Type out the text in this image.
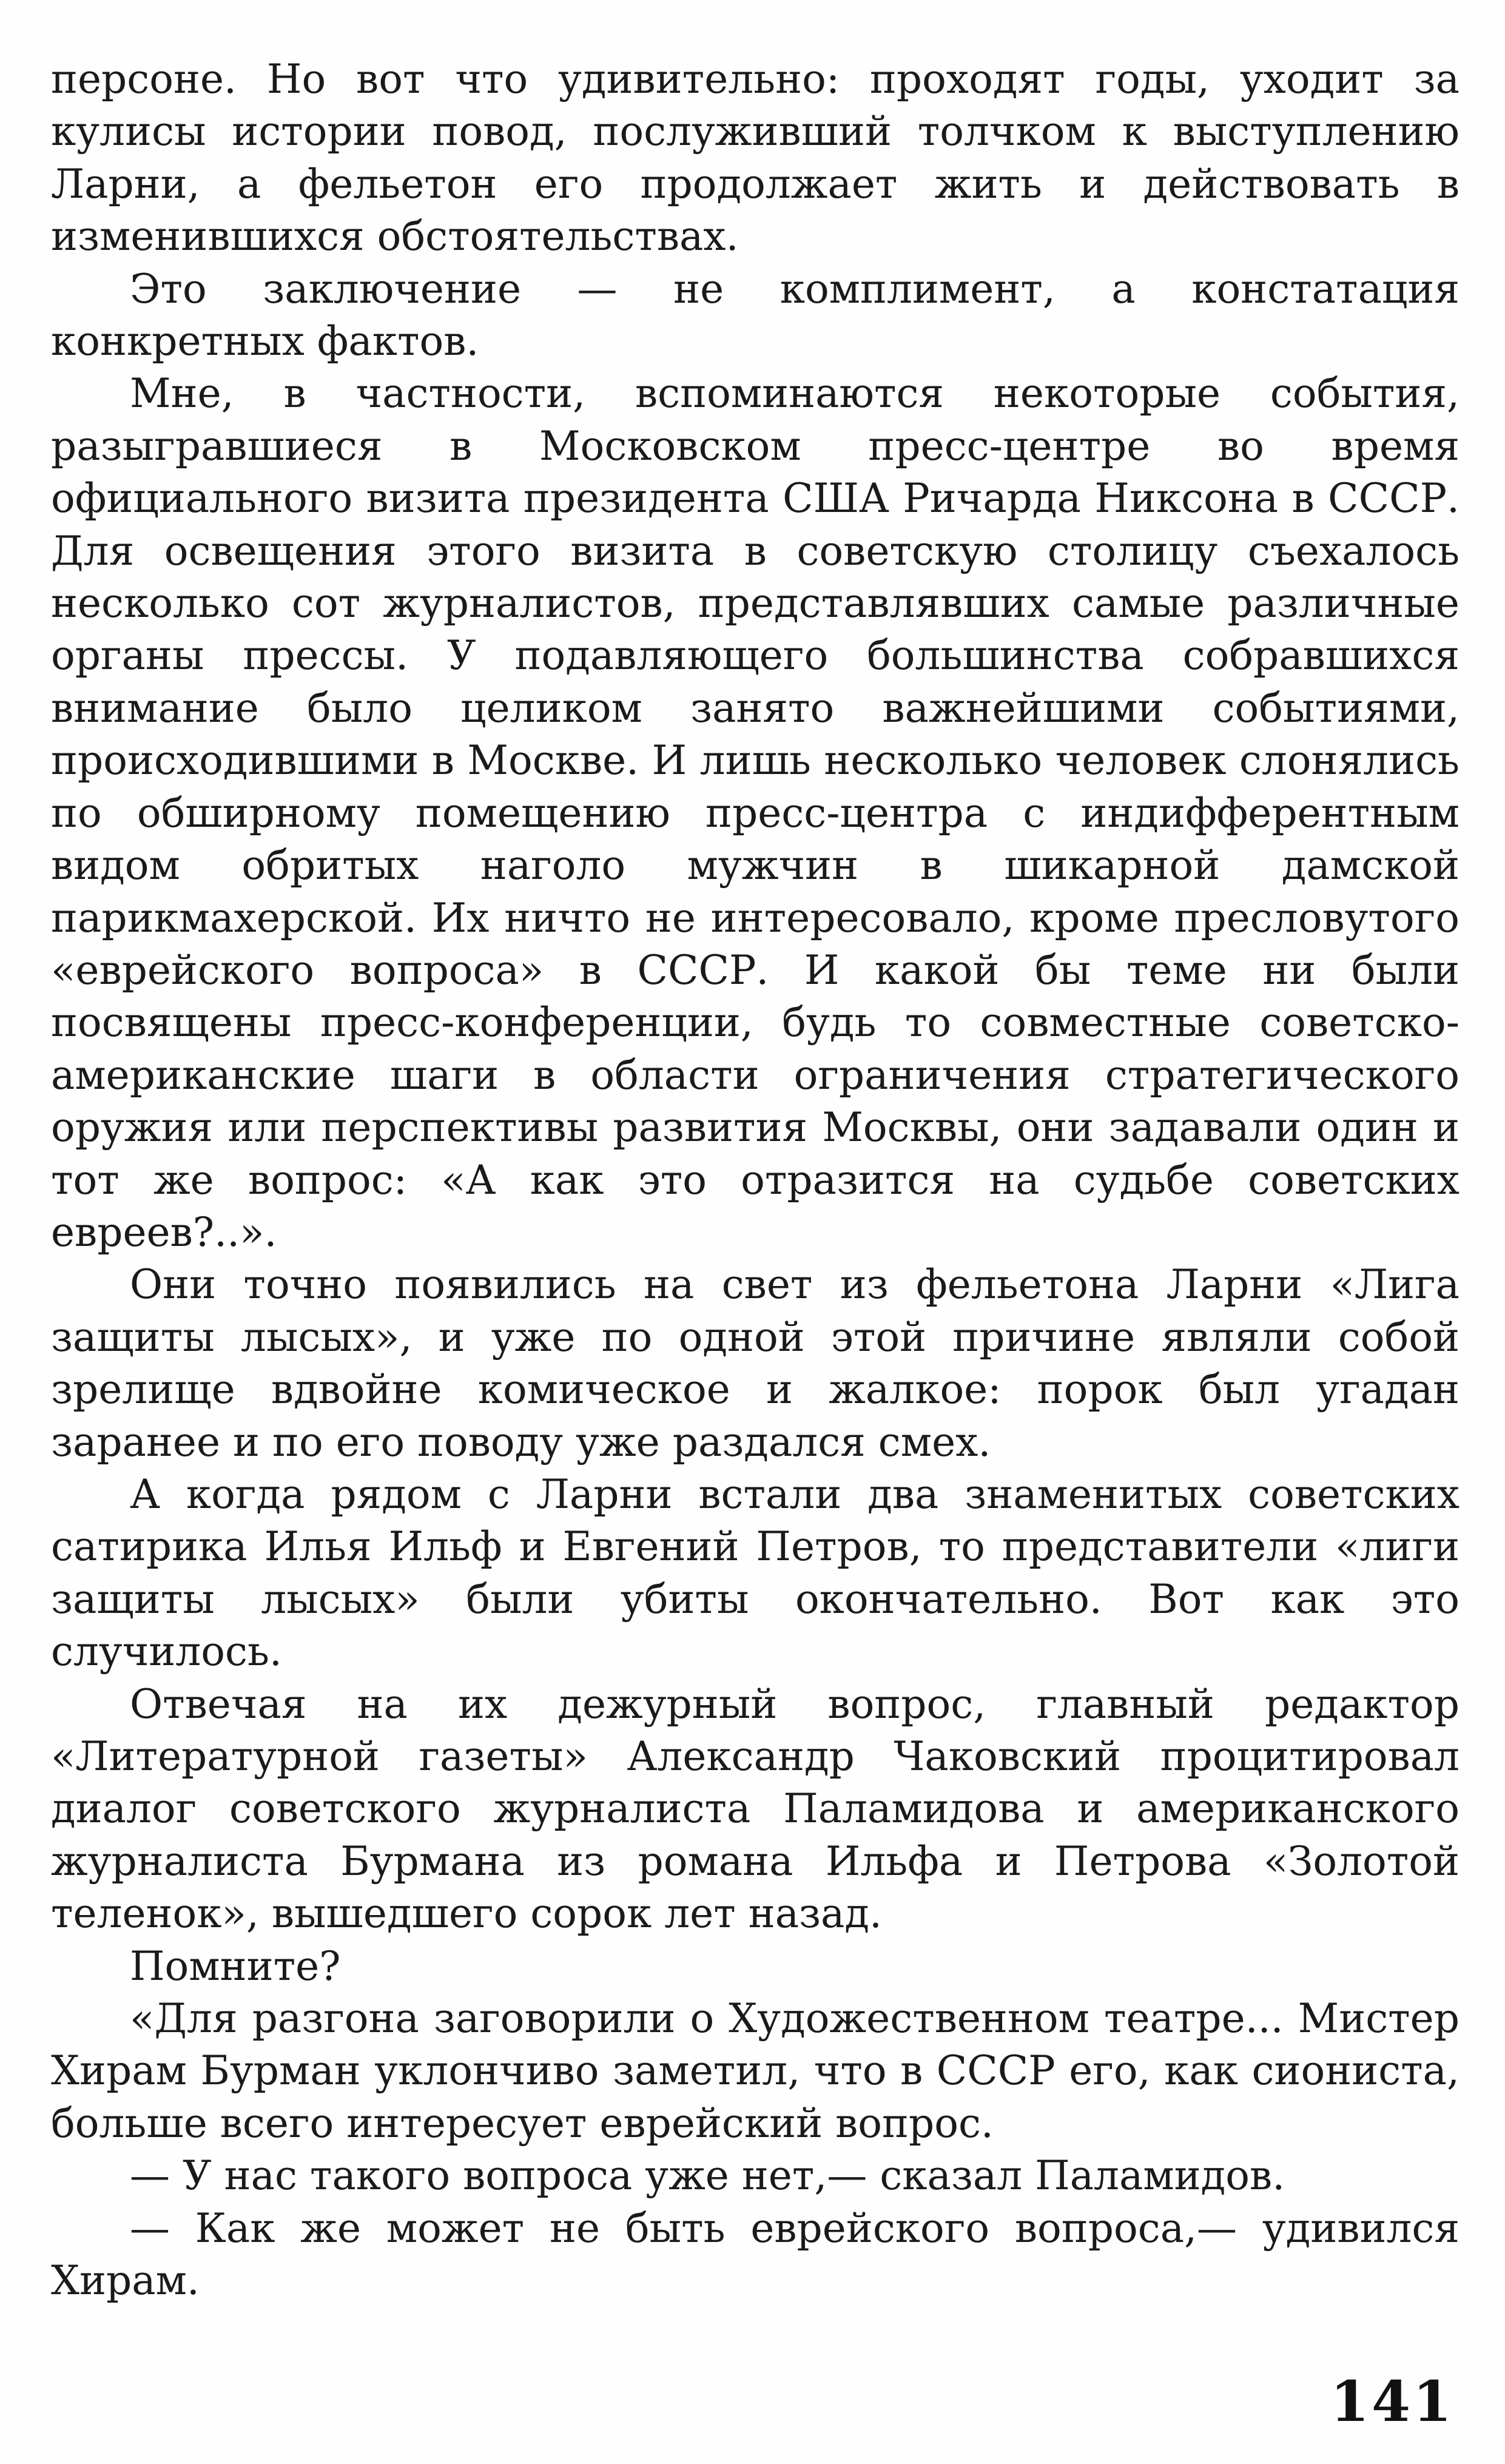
персоне. Но вот что удивительно: проходят годы, уходит за кулисы истории повод, послуживший толчком к выступлению Ларни, а фельетон его продолжает жить и действовать в изменившихся обстоятельствах.

Это заключение — не комплимент, а констатация конкретных фактов.

Мне, в частности, вспоминаются некоторые события, разыгравшиеся в Московском пресс-центре во время официального визита президента США Ричарда Никсона в СССР. Для освещения этого визита в советскую столицу съехалось несколько сот журналистов, представлявших самые различные органы прессы. У подавляющего большинства собравшихся внимание было целиком занято важнейшими событиями, происходившими в Москве. И лишь несколько человек слонялись по обширному помещению пресс-центра с индифферентным видом обритых наголо мужчин в шикарной дамской парикмахерской. Их ничто не интересовало, кроме пресловутого «еврейского вопроса» в СССР. И какой бы теме ни были посвящены пресс-конференции, будь то совместные советско-американские шаги в области ограничения стратегического оружия или перспективы развития Москвы, они задавали один и тот же вопрос: «А как это отразится на судьбе советских евреев?..».

Они точно появились на свет из фельетона Ларни «Лига защиты лысых», и уже по одной этой причине являли собой зрелище вдвойне комическое и жалкое: порок был угадан заранее и по его поводу уже раздался смех.

А когда рядом с Ларни встали два знаменитых советских сатирика Илья Ильф и Евгений Петров, то представители «лиги защиты лысых» были убиты окончательно. Вот как это случилось.

Отвечая на их дежурный вопрос, главный редактор «Литературной газеты» Александр Чаковский процитировал диалог советского журналиста Паламидова и американского журналиста Бурмана из романа Ильфа и Петрова «Золотой теленок», вышедшего сорок лет назад.

Помните?

«Для разгона заговорили о Художественном театре... Мистер Хирам Бурман уклончиво заметил, что в СССР его, как сиониста, больше всего интересует еврейский вопрос.

— У нас такого вопроса уже нет,— сказал Паламидов.

— Как же может не быть еврейского вопроса,— удивился Хирам.

141
